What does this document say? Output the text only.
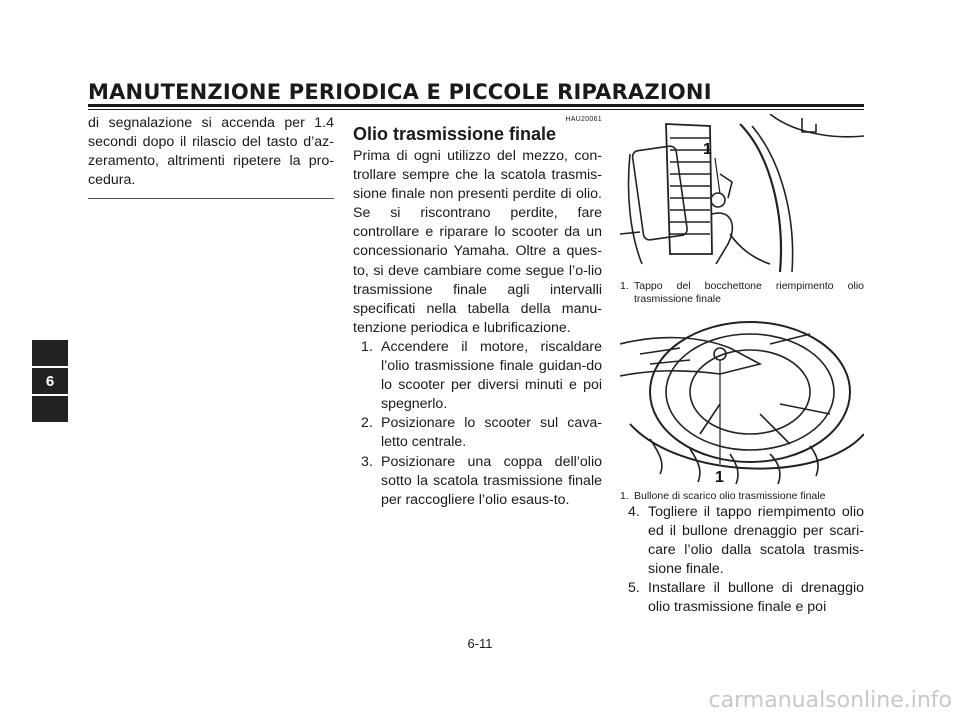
MANUTENZIONE PERIODICA E PICCOLE RIPARAZIONI
6

di segnalazione si accenda per 1.4 secondi dopo il rilascio del tasto d’az-zeramento, altrimenti ripetere la pro-cedura.

HAU20061

Olio trasmissione finale

Prima di ogni utilizzo del mezzo, con-trollare sempre che la scatola trasmis-sione finale non presenti perdite di olio. Se si riscontrano perdite, fare controllare e riparare lo scooter da un concessionario Yamaha. Oltre a ques-to, si deve cambiare come segue l’o-lio trasmissione finale agli intervalli specificati nella tabella della manu-tenzione periodica e lubrificazione.

1. Accendere il motore, riscaldare l’olio trasmissione finale guidan-do lo scooter per diversi minuti e poi spegnerlo.
2. Posizionare lo scooter sul cava-letto centrale.
3. Posizionare una coppa dell’olio sotto la scatola trasmissione finale per raccogliere l’olio esaus-to.
1

1. Tappo del bocchettone riempimento olio trasmissione finale

1

1. Bullone di scarico olio trasmissione finale

4. Togliere il tappo riempimento olio ed il bullone drenaggio per scari-care l’olio dalla scatola trasmis-sione finale.
5. Installare il bullone di drenaggio olio trasmissione finale e poi
6-11
carmanualsonline.info
